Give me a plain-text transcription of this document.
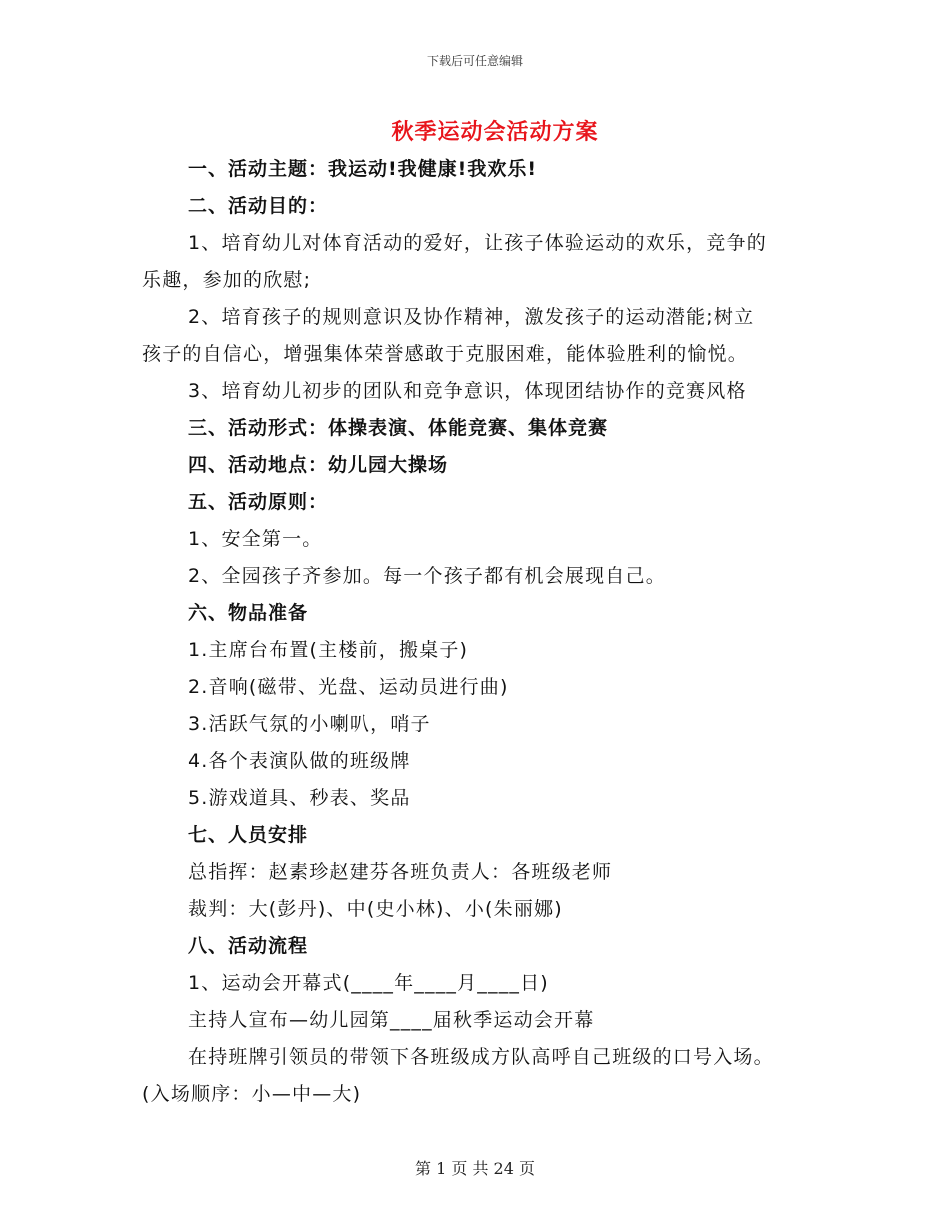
下载后可任意编辑
秋季运动会活动方案
一、活动主题：我运动!我健康!我欢乐!
二、活动目的：
1、培育幼儿对体育活动的爱好，让孩子体验运动的欢乐，竞争的
乐趣，参加的欣慰;
2、培育孩子的规则意识及协作精神，激发孩子的运动潜能;树立
孩子的自信心，增强集体荣誉感敢于克服困难，能体验胜利的愉悦。
3、培育幼儿初步的团队和竞争意识，体现团结协作的竞赛风格
三、活动形式：体操表演、体能竞赛、集体竞赛
四、活动地点：幼儿园大操场
五、活动原则：
1、安全第一。
2、全园孩子齐参加。每一个孩子都有机会展现自己。
六、物品准备
1.主席台布置(主楼前，搬桌子)
2.音响(磁带、光盘、运动员进行曲)
3.活跃气氛的小喇叭，哨子
4.各个表演队做的班级牌
5.游戏道具、秒表、奖品
七、人员安排
总指挥：赵素珍赵建芬各班负责人：各班级老师
裁判：大(彭丹)、中(史小林)、小(朱丽娜)
八、活动流程
1、运动会开幕式(____年____月____日)
主持人宣布—幼儿园第____届秋季运动会开幕
在持班牌引领员的带领下各班级成方队高呼自己班级的口号入场。
(入场顺序：小—中—大)
第 1 页 共 24 页
